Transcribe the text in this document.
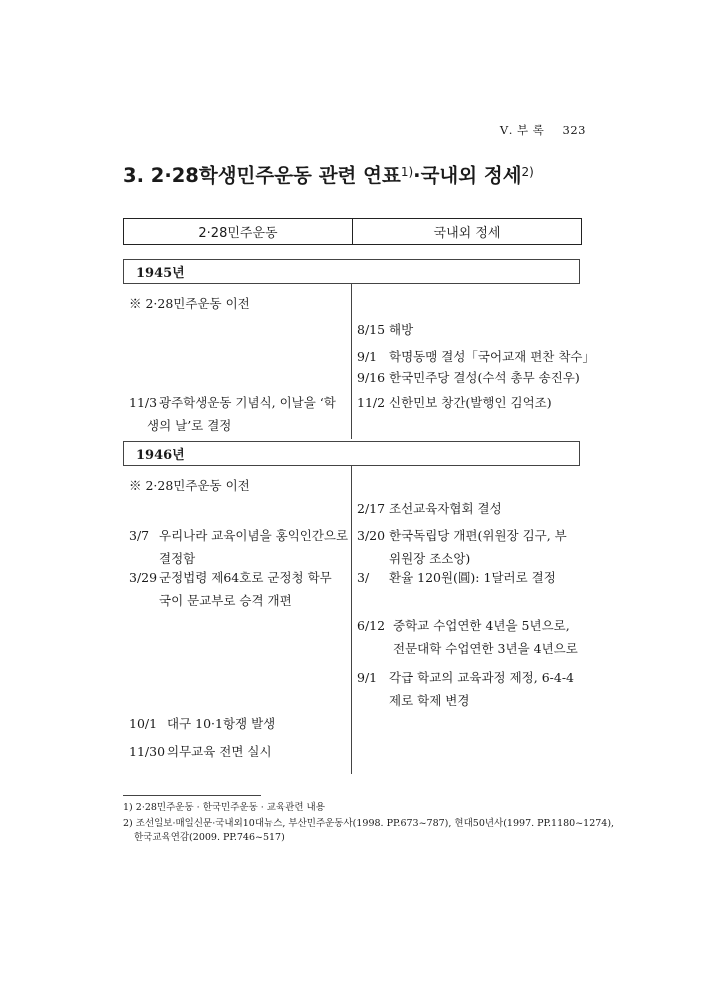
Ⅴ. 부 록 323
3. 2·28학생민주운동 관련 연표$^{1)}$·국내외 정세$^{2)}$
2·28민주운동	국내외 정세
1945년
※ 2·28민주운동 이전
8/15 해방
9/1 학명동맹 결성「국어교재 편찬 착수」
9/16 한국민주당 결성(수석 총무 송진우)
11/3 광주학생운동 기념식, 이날을 ‘학
생의 날’로 결정
11/2 신한민보 창간(발행인 김억조)
1946년
※ 2·28민주운동 이전
2/17 조선교육자협회 결성
3/7 우리나라 교육이념을 홍익인간으로
결정함
3/20 한국독립당 개편(위원장 김구, 부
위원장 조소앙)
3/29 군정법령 제64호로 군정청 학무
국이 문교부로 승격 개편
3/ 환율 120원(圓): 1달러로 결정
6/12 중학교 수업연한 4년을 5년으로,
전문대학 수업연한 3년을 4년으로
9/1 각급 학교의 교육과정 제정, 6-4-4
제로 학제 변경
10/1 대구 10·1항쟁 발생
11/30 의무교육 전면 실시
1) 2·28민주운동 · 한국민주운동 · 교육관련 내용
2) 조선일보·매일신문·국내외10대뉴스, 부산민주운동사(1998. PP.673~787), 현대50년사(1997. PP.1180~1274),
한국교육연감(2009. PP.746~517)
